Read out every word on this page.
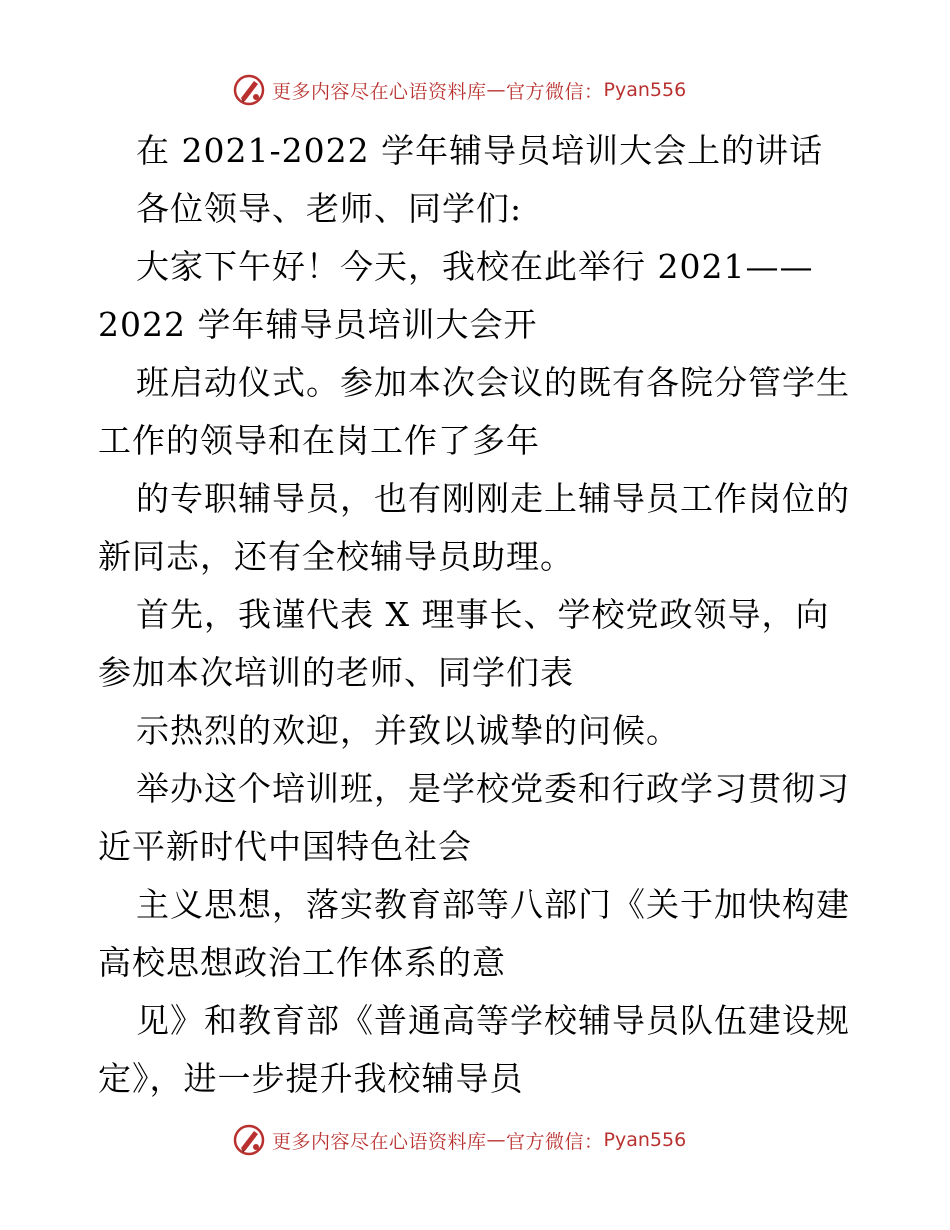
更多内容尽在心语资料库 — 官方微信： Pyan556
在 2021-2022 学年辅导员培训大会上的讲话
各位领导、老师、同学们:
大家下午好！今天，我校在此举行 2021——
2022 学年辅导员培训大会开
班启动仪式。参加本次会议的既有各院分管学生
工作的领导和在岗工作了多年
的专职辅导员，也有刚刚走上辅导员工作岗位的
新同志，还有全校辅导员助理。
首先，我谨代表 X 理事长、学校党政领导，向
参加本次培训的老师、同学们表
示热烈的欢迎，并致以诚挚的问候。
举办这个培训班，是学校党委和行政学习贯彻习
近平新时代中国特色社会
主义思想，落实教育部等八部门《关于加快构建
高校思想政治工作体系的意
见》和教育部《普通高等学校辅导员队伍建设规
定》，进一步提升我校辅导员
更多内容尽在心语资料库 — 官方微信： Pyan556
